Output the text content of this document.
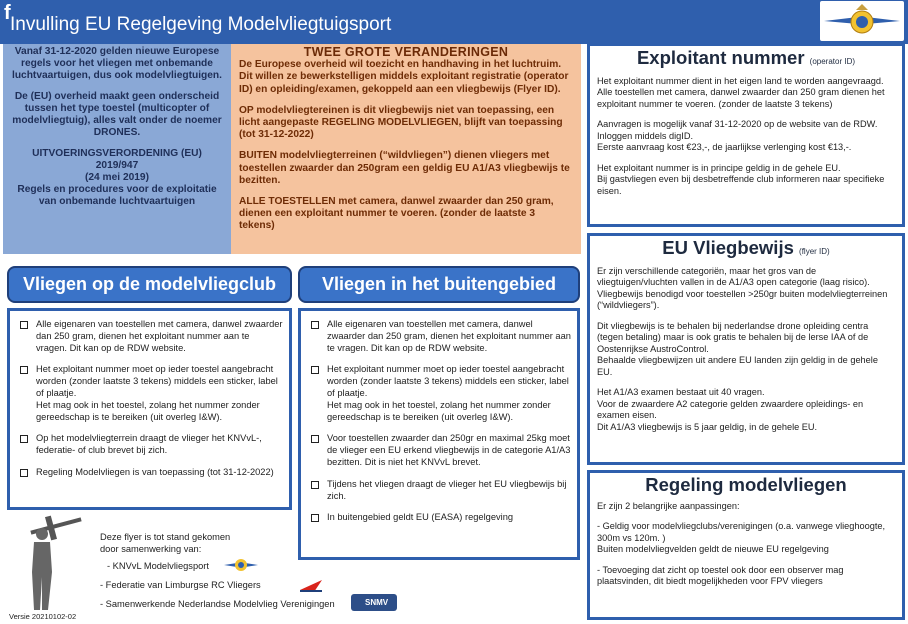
f
Invulling EU Regelgeving Modelvliegtuigsport

Vanaf 31-12-2020 gelden nieuwe Europese regels voor het vliegen met onbemande luchtvaartuigen, dus ook modelvliegtuigen.

De (EU) overheid maakt geen onderscheid tussen het type toestel (multicopter of modelvliegtuig), alles valt onder de noemer DRONES.

UITVOERINGSVERORDENING (EU) 2019/947
(24 mei 2019)
Regels en procedures voor de exploitatie van onbemande luchtvaartuigen
TWEE GROTE VERANDERINGEN

De Europese overheid wil toezicht en handhaving in het luchtruim. Dit willen ze bewerkstelligen middels exploitant registratie (operator ID) en opleiding/examen, gekoppeld aan een vliegbewijs (Flyer ID).

OP modelvliegtereinen is dit vliegbewijs niet van toepassing, een licht aangepaste REGELING MODELVLIEGEN, blijft van toepassing (tot 31-12-2022)

BUITEN modelvliegterreinen (“wildvliegen”) dienen vliegers met toestellen zwaarder dan 250gram een geldig EU A1/A3 vliegbewijs te bezitten.

ALLE TOESTELLEN met camera, danwel zwaarder dan 250 gram, dienen een exploitant nummer te voeren. (zonder de laatste 3 tekens)

Exploitant nummer (operator ID)

Het exploitant nummer dient in het eigen land te worden aangevraagd. Alle toestellen met camera, danwel zwaarder dan 250 gram dienen het exploitant nummer te voeren. (zonder de laatste 3 tekens)

Aanvragen is mogelijk vanaf 31-12-2020 op de website van de RDW.
Inloggen middels digID.
Eerste aanvraag kost €23,-, de jaarlijkse verlenging kost €13,-.

Het exploitant nummer is in principe geldig in de gehele EU.
Bij gastvliegen even bij desbetreffende club informeren naar specifieke eisen.

EU Vliegbewijs (flyer ID)

Er zijn verschillende categoriën, maar het gros van de vliegtuigen/vluchten vallen in de A1/A3 open categorie (laag risico).
Vliegbewijs benodigd voor toestellen >250gr buiten modelvliegterreinen (“wildvliegers”).

Dit vliegbewijs is te behalen bij nederlandse drone opleiding centra (tegen betaling) maar is ook gratis te behalen bij de lerse IAA of de Oostenrijkse AustroControl.
Behaalde vliegbewijzen uit andere EU landen zijn geldig in de gehele EU.

Het A1/A3 examen bestaat uit 40 vragen.
Voor de zwaardere A2 categorie gelden zwaardere opleidings- en examen eisen.
Dit A1/A3 vliegbewijs is 5 jaar geldig, in de gehele EU.

Regeling modelvliegen

Er zijn 2 belangrijke aanpassingen:

- Geldig voor modelvliegclubs/verenigingen (o.a. vanwege vlieghoogte, 300m vs 120m. )
Buiten modelvliegvelden geldt de nieuwe EU regelgeving

- Toevoeging dat zicht op toestel ook door een observer mag plaatsvinden, dit biedt mogelijkheden voor FPV vliegers

Vliegen op de modelvliegclub	Vliegen in het buitengebied
Alle eigenaren van toestellen met camera, danwel zwaarder dan 250 gram, dienen het exploitant nummer aan te vragen. Dit kan op de RDW website.
Het exploitant nummer moet op ieder toestel aangebracht worden (zonder laatste 3 tekens) middels een sticker, label of plaatje.
Het mag ook in het toestel, zolang het nummer zonder gereedschap is te bereiken (uit overleg I&W).
Op het modelvliegterrein draagt de vlieger het KNVvL-, federatie- of club brevet bij zich.
Regeling Modelvliegen is van toepassing (tot 31-12-2022)
Alle eigenaren van toestellen met camera, danwel zwaarder dan 250 gram, dienen het exploitant nummer aan te vragen. Dit kan op de RDW website.
Het exploitant nummer moet op ieder toestel aangebracht worden (zonder laatste 3 tekens) middels een sticker, label of plaatje.
Het mag ook in het toestel, zolang het nummer zonder gereedschap is te bereiken (uit overleg I&W).
Voor toestellen zwaarder dan 250gr en maximal 25kg moet de vlieger een EU erkend vliegbewijs in de categorie A1/A3 bezitten. Dit is niet het KNVvL brevet.
Tijdens het vliegen draagt de vlieger het EU vliegbewijs bij zich.
In buitengebied geldt EU (EASA) regelgeving
Deze flyer is tot stand gekomen
door samenwerking van:
- KNVvL Modelvliegsport
- Federatie van Limburgse RC Vliegers
- Samenwerkende Nederlandse Modelvlieg Verenigingen	SNMV
Versie 20210102-02
